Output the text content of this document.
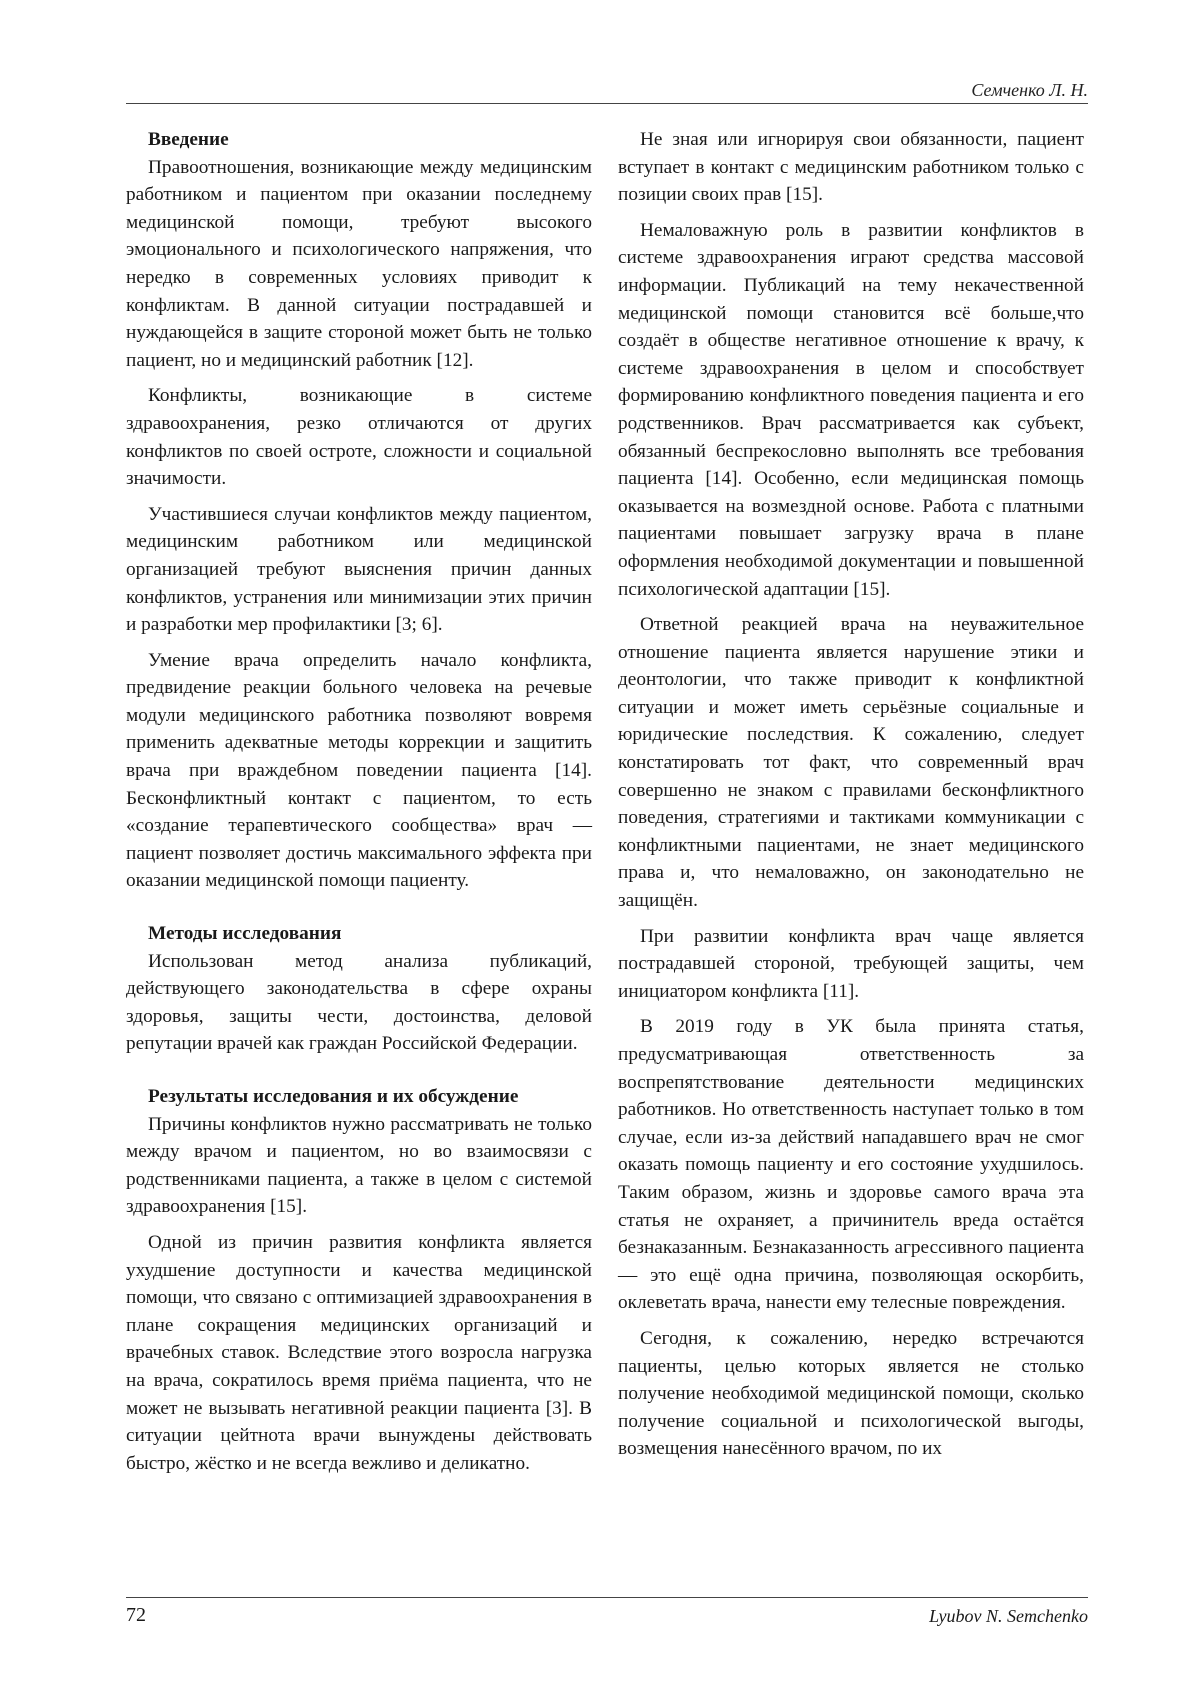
Семченко Л. Н.
Введение

Правоотношения, возникающие между медицинским работником и пациентом при оказании последнему медицинской помощи, требуют высокого эмоционального и психологического напряжения, что нередко в современных условиях приводит к конфликтам. В данной ситуации пострадавшей и нуждающейся в защите стороной может быть не только пациент, но и медицинский работник [12].

Конфликты, возникающие в системе здравоохранения, резко отличаются от других конфликтов по своей остроте, сложности и социальной значимости.

Участившиеся случаи конфликтов между пациентом, медицинским работником или медицинской организацией требуют выяснения причин данных конфликтов, устранения или минимизации этих причин и разработки мер профилактики [3; 6].

Умение врача определить начало конфликта, предвидение реакции больного человека на речевые модули медицинского работника позволяют вовремя применить адекватные методы коррекции и защитить врача при враждебном поведении пациента [14]. Бесконфликтный контакт с пациентом, то есть «создание терапевтического сообщества» врач — пациент позволяет достичь максимального эффекта при оказании медицинской помощи пациенту.

Методы исследования

Использован метод анализа публикаций, действующего законодательства в сфере охраны здоровья, защиты чести, достоинства, деловой репутации врачей как граждан Российской Федерации.

Результаты исследования и их обсуждение

Причины конфликтов нужно рассматривать не только между врачом и пациентом, но во взаимосвязи с родственниками пациента, а также в целом с системой здравоохранения [15].

Одной из причин развития конфликта является ухудшение доступности и качества медицинской помощи, что связано с оптимизацией здравоохранения в плане сокращения медицинских организаций и врачебных ставок. Вследствие этого возросла нагрузка на врача, сократилось время приёма пациента, что не может не вызывать негативной реакции пациента [3]. В ситуации цейтнота врачи вынуждены действовать быстро, жёстко и не всегда вежливо и деликатно.

Не зная или игнорируя свои обязанности, пациент вступает в контакт с медицинским работником только с позиции своих прав [15].

Немаловажную роль в развитии конфликтов в системе здравоохранения играют средства массовой информации. Публикаций на тему некачественной медицинской помощи становится всё больше,что создаёт в обществе негативное отношение к врачу, к системе здравоохранения в целом и способствует формированию конфликтного поведения пациента и его родственников. Врач рассматривается как субъект, обязанный беспрекословно выполнять все требования пациента [14]. Особенно, если медицинская помощь оказывается на возмездной основе. Работа с платными пациентами повышает загрузку врача в плане оформления необходимой документации и повышенной психологической адаптации [15].

Ответной реакцией врача на неуважительное отношение пациента является нарушение этики и деонтологии, что также приводит к конфликтной ситуации и может иметь серьёзные социальные и юридические последствия. К сожалению, следует констатировать тот факт, что современный врач совершенно не знаком с правилами бесконфликтного поведения, стратегиями и тактиками коммуникации с конфликтными пациентами, не знает медицинского права и, что немаловажно, он законодательно не защищён.

При развитии конфликта врач чаще является пострадавшей стороной, требующей защиты, чем инициатором конфликта [11].

В 2019 году в УК была принята статья, предусматривающая ответственность за воспрепятствование деятельности медицинских работников. Но ответственность наступает только в том случае, если из-за действий нападавшего врач не смог оказать помощь пациенту и его состояние ухудшилось. Таким образом, жизнь и здоровье самого врача эта статья не охраняет, а причинитель вреда остаётся безнаказанным. Безнаказанность агрессивного пациента — это ещё одна причина, позволяющая оскорбить, оклеветать врача, нанести ему телесные повреждения.

Сегодня, к сожалению, нередко встречаются пациенты, целью которых является не столько получение необходимой медицинской помощи, сколько получение социальной и психологической выгоды, возмещения нанесённого врачом, по их

72	Lyubov N. Semchenko
